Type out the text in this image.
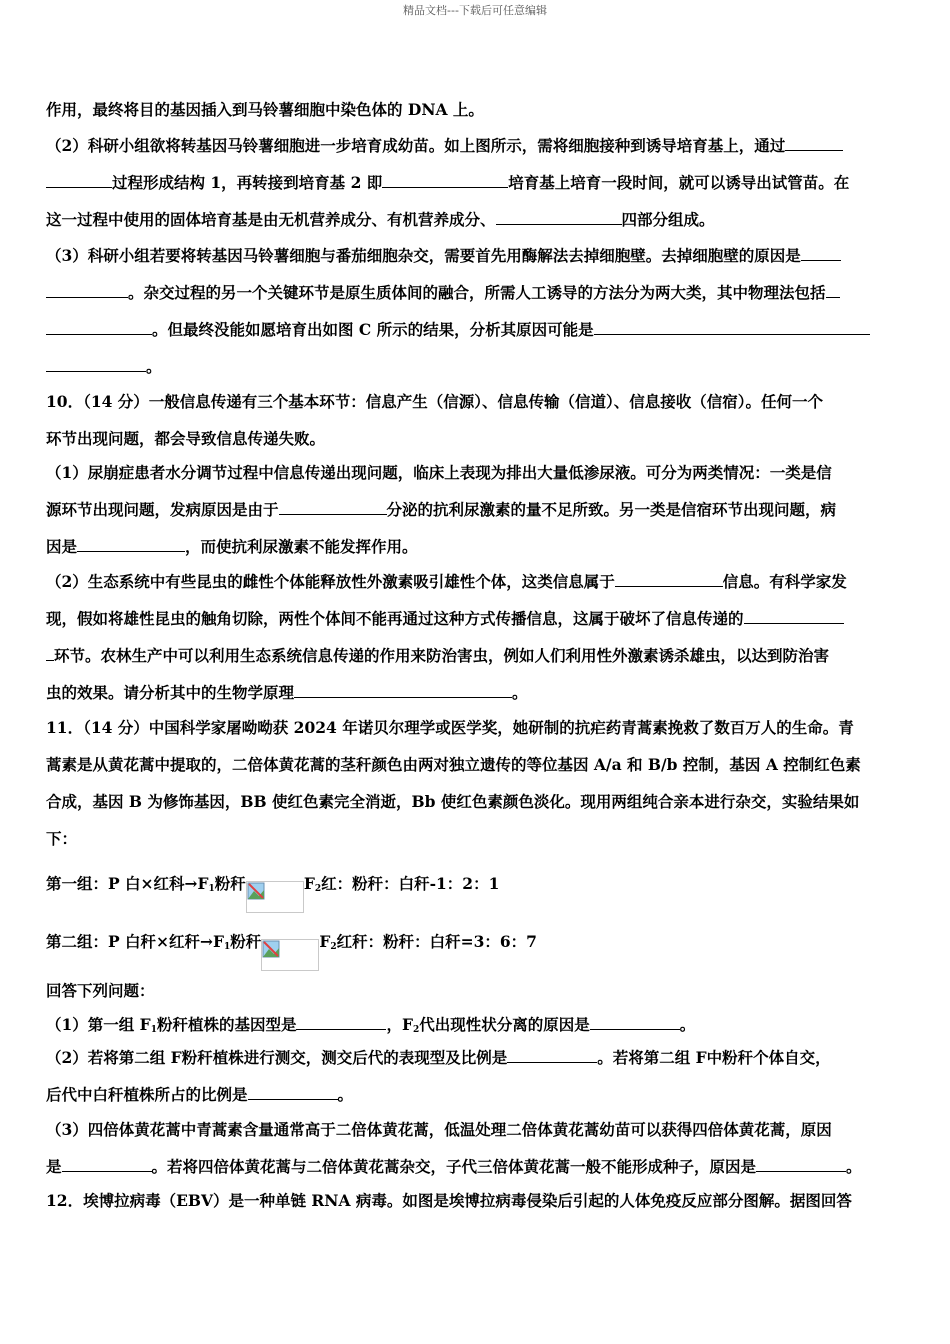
精品文档---下载后可任意编辑
作用，最终将目的基因插入到马铃薯细胞中染色体的 DNA 上。
（2）科研小组欲将转基因马铃薯细胞进一步培育成幼苗。如上图所示，需将细胞接种到诱导培育基上，通过
过程形成结构 1，再转接到培育基 2 即	培育基上培育一段时间，就可以诱导出试管苗。在
这一过程中使用的固体培育基是由无机营养成分、有机营养成分、	四部分组成。
（3）科研小组若要将转基因马铃薯细胞与番茄细胞杂交，需要首先用酶解法去掉细胞壁。去掉细胞壁的原因是
。杂交过程的另一个关键环节是原生质体间的融合，所需人工诱导的方法分为两大类，其中物理法包括
。但最终没能如愿培育出如图 C 所示的结果，分析其原因可能是
。
10．（14 分）一般信息传递有三个基本环节：信息产生（信源）、信息传输（信道）、信息接收（信宿）。任何一个
环节出现问题，都会导致信息传递失败。
（1）尿崩症患者水分调节过程中信息传递出现问题，临床上表现为排出大量低渗尿液。可分为两类情况：一类是信
源环节出现问题，发病原因是由于	分泌的抗利尿激素的量不足所致。另一类是信宿环节出现问题，病
因是	，而使抗利尿激素不能发挥作用。
（2）生态系统中有些昆虫的雌性个体能释放性外激素吸引雄性个体，这类信息属于	信息。有科学家发
现，假如将雄性昆虫的触角切除，两性个体间不能再通过这种方式传播信息，这属于破坏了信息传递的
环节。农林生产中可以利用生态系统信息传递的作用来防治害虫，例如人们利用性外激素诱杀雄虫，以达到防治害
虫的效果。请分析其中的生物学原理	。
11．（14 分）中国科学家屠呦呦获 2024 年诺贝尔理学或医学奖，她研制的抗疟药青蒿素挽救了数百万人的生命。青
蒿素是从黄花蒿中提取的，二倍体黄花蒿的茎秆颜色由两对独立遗传的等位基因 A/a 和 B/b 控制，基因 A 控制红色素
合成，基因 B 为修饰基因，BB 使红色素完全消逝，Bb 使红色素颜色淡化。现用两组纯合亲本进行杂交，实验结果如
下：
第一组：P 白×红科$\to F_1$粉秆	$F_2$红：粉秆：白秆-1：2：1
第二组：P 白秆×红秆$\to F_1$粉秆	$F_2$红秆：粉秆：白秆=3：6：7
回答下列问题：
（1）第一组 $F_1$粉秆植株的基因型是	，$F_2$代出现性状分离的原因是	。
（2）若将第二组 F粉秆植株进行测交，测交后代的表现型及比例是	。若将第二组 F中粉秆个体自交，
后代中白秆植株所占的比例是	。
（3）四倍体黄花蒿中青蒿素含量通常高于二倍体黄花蒿，低温处理二倍体黄花蒿幼苗可以获得四倍体黄花蒿，原因
是	。若将四倍体黄花蒿与二倍体黄花蒿杂交，子代三倍体黄花蒿一般不能形成种子，原因是	。
12．埃博拉病毒（EBV）是一种单链 RNA 病毒。如图是埃博拉病毒侵染后引起的人体免疫反应部分图解。据图回答
